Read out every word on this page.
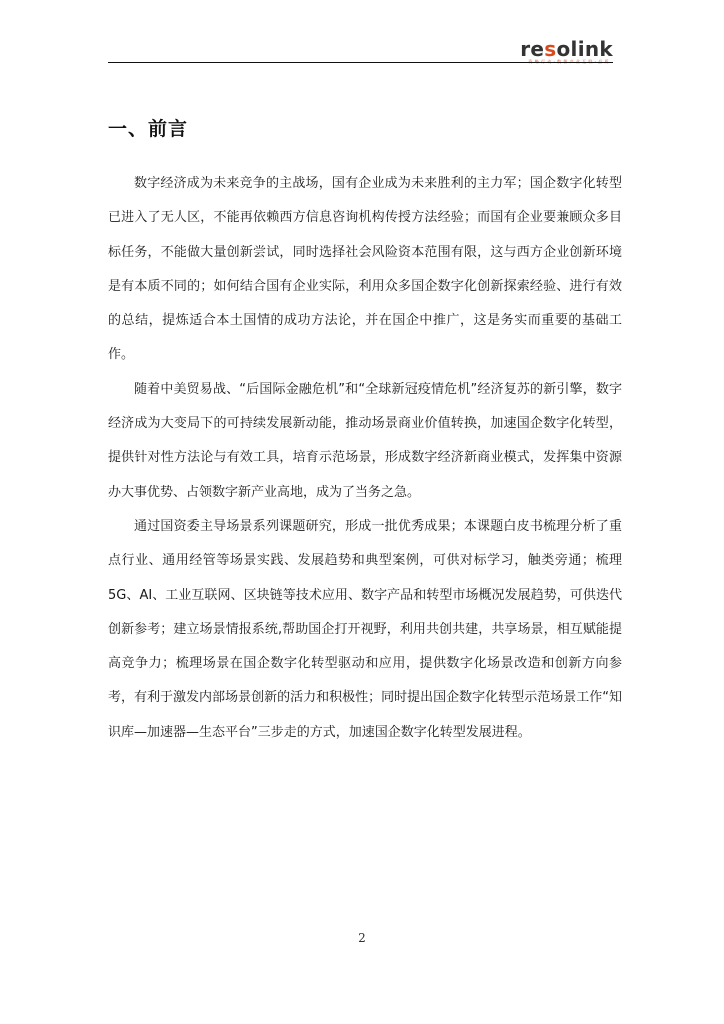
resolink
一、前言

数字经济成为未来竞争的主战场，国有企业成为未来胜利的主力军；国企数字化转型已进入了无人区，不能再依赖西方信息咨询机构传授方法经验；而国有企业要兼顾众多目标任务，不能做大量创新尝试，同时选择社会风险资本范围有限，这与西方企业创新环境是有本质不同的；如何结合国有企业实际，利用众多国企数字化创新探索经验、进行有效的总结，提炼适合本土国情的成功方法论，并在国企中推广，这是务实而重要的基础工作。

随着中美贸易战、“后国际金融危机”和“全球新冠疫情危机”经济复苏的新引擎，数字经济成为大变局下的可持续发展新动能，推动场景商业价值转换，加速国企数字化转型，提供针对性方法论与有效工具，培育示范场景，形成数字经济新商业模式，发挥集中资源办大事优势、占领数字新产业高地，成为了当务之急。

通过国资委主导场景系列课题研究，形成一批优秀成果；本课题白皮书梳理分析了重点行业、通用经管等场景实践、发展趋势和典型案例，可供对标学习，触类旁通；梳理 5G、AI、工业互联网、区块链等技术应用、数字产品和转型市场概况发展趋势，可供迭代创新参考；建立场景情报系统,帮助国企打开视野，利用共创共建，共享场景，相互赋能提高竞争力；梳理场景在国企数字化转型驱动和应用，提供数字化场景改造和创新方向参考，有利于激发内部场景创新的活力和积极性；同时提出国企数字化转型示范场景工作“知识库—加速器—生态平台”三步走的方式，加速国企数字化转型发展进程。

2
